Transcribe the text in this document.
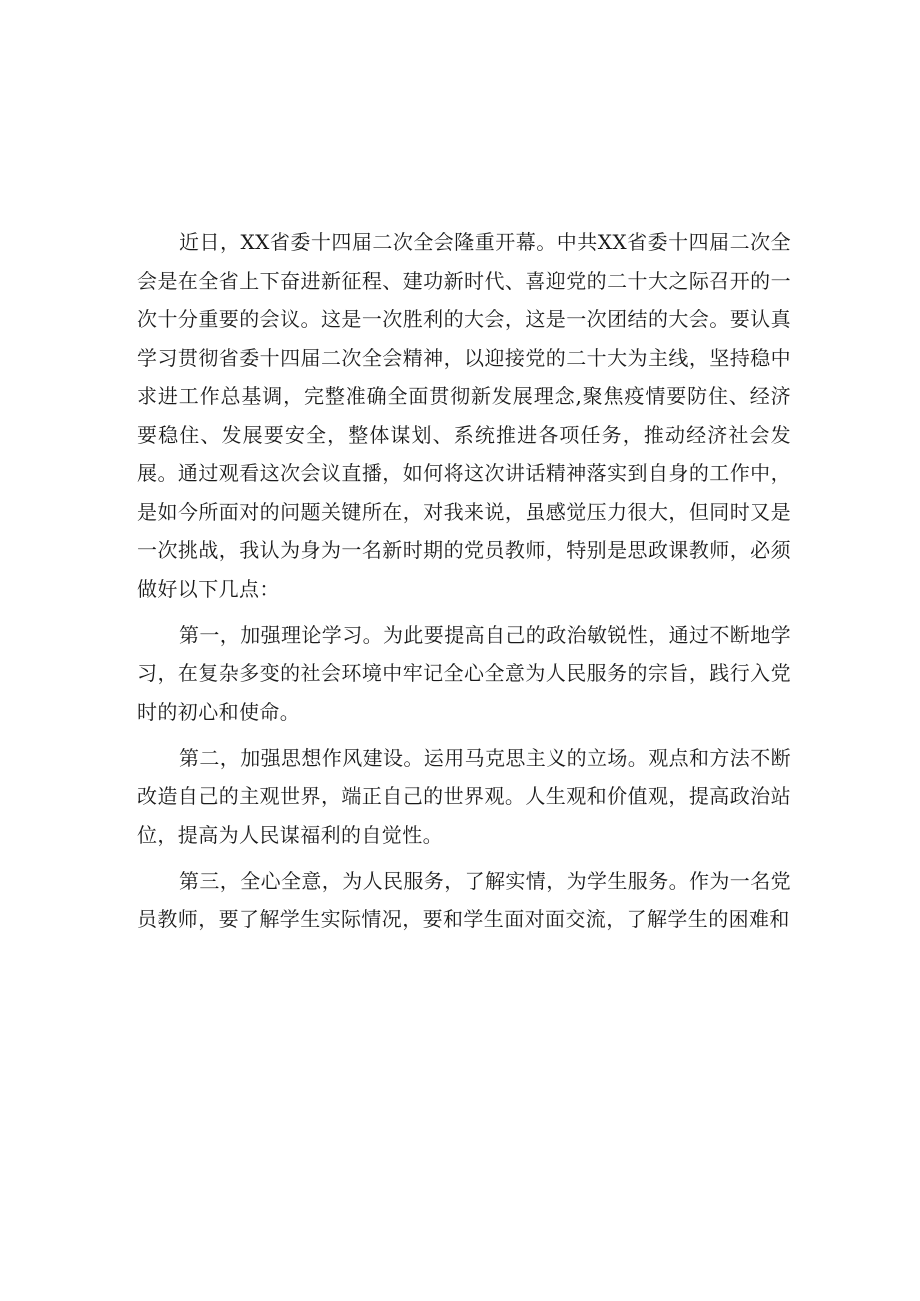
近日，XX省委十四届二次全会隆重开幕。中共XX省委十四届二次全会是在全省上下奋进新征程、建功新时代、喜迎党的二十大之际召开的一次十分重要的会议。这是一次胜利的大会，这是一次团结的大会。要认真学习贯彻省委十四届二次全会精神，以迎接党的二十大为主线，坚持稳中求进工作总基调，完整准确全面贯彻新发展理念,聚焦疫情要防住、经济要稳住、发展要安全，整体谋划、系统推进各项任务，推动经济社会发展。通过观看这次会议直播，如何将这次讲话精神落实到自身的工作中，是如今所面对的问题关键所在，对我来说，虽感觉压力很大，但同时又是一次挑战，我认为身为一名新时期的党员教师，特别是思政课教师，必须做好以下几点：

第一，加强理论学习。为此要提高自己的政治敏锐性，通过不断地学习，在复杂多变的社会环境中牢记全心全意为人民服务的宗旨，践行入党时的初心和使命。

第二，加强思想作风建设。运用马克思主义的立场。观点和方法不断改造自己的主观世界，端正自己的世界观。人生观和价值观，提高政治站位，提高为人民谋福利的自觉性。

第三，全心全意，为人民服务，了解实情，为学生服务。作为一名党员教师，要了解学生实际情况，要和学生面对面交流，了解学生的困难和
